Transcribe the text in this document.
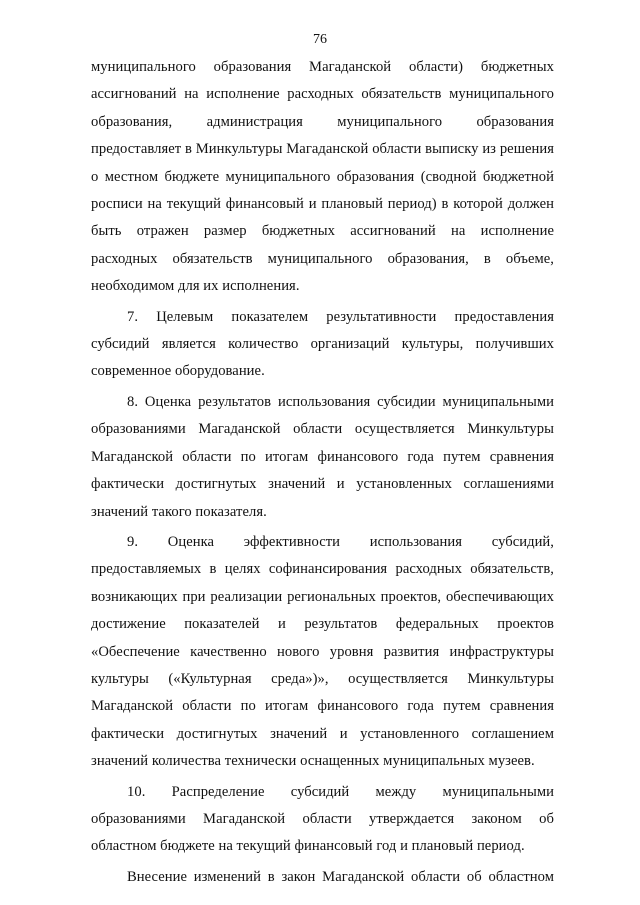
76

муниципального образования Магаданской области) бюджетных ассигнований на исполнение расходных обязательств муниципального образования, администрация муниципального образования предоставляет в Минкультуры Магаданской области выписку из решения о местном бюджете муниципального образования (сводной бюджетной росписи на текущий финансовый и плановый период) в которой должен быть отражен размер бюджетных ассигнований на исполнение расходных обязательств муниципального образования, в объеме, необходимом для их исполнения.

7. Целевым показателем результативности предоставления субсидий является количество организаций культуры, получивших современное оборудование.

8. Оценка результатов использования субсидии муниципальными образованиями Магаданской области осуществляется Минкультуры Магаданской области по итогам финансового года путем сравнения фактически достигнутых значений и установленных соглашениями значений такого показателя.

9. Оценка эффективности использования субсидий, предоставляемых в целях софинансирования расходных обязательств, возникающих при реализации региональных проектов, обеспечивающих достижение показателей и результатов федеральных проектов «Обеспечение качественно нового уровня развития инфраструктуры культуры («Культурная среда»)», осуществляется Минкультуры Магаданской области по итогам финансового года путем сравнения фактически достигнутых значений и установленного соглашением значений количества технически оснащенных муниципальных музеев.

10. Распределение субсидий между муниципальными образованиями Магаданской области утверждается законом об областном бюджете на текущий финансовый год и плановый период.

Внесение изменений в закон Магаданской области об областном
